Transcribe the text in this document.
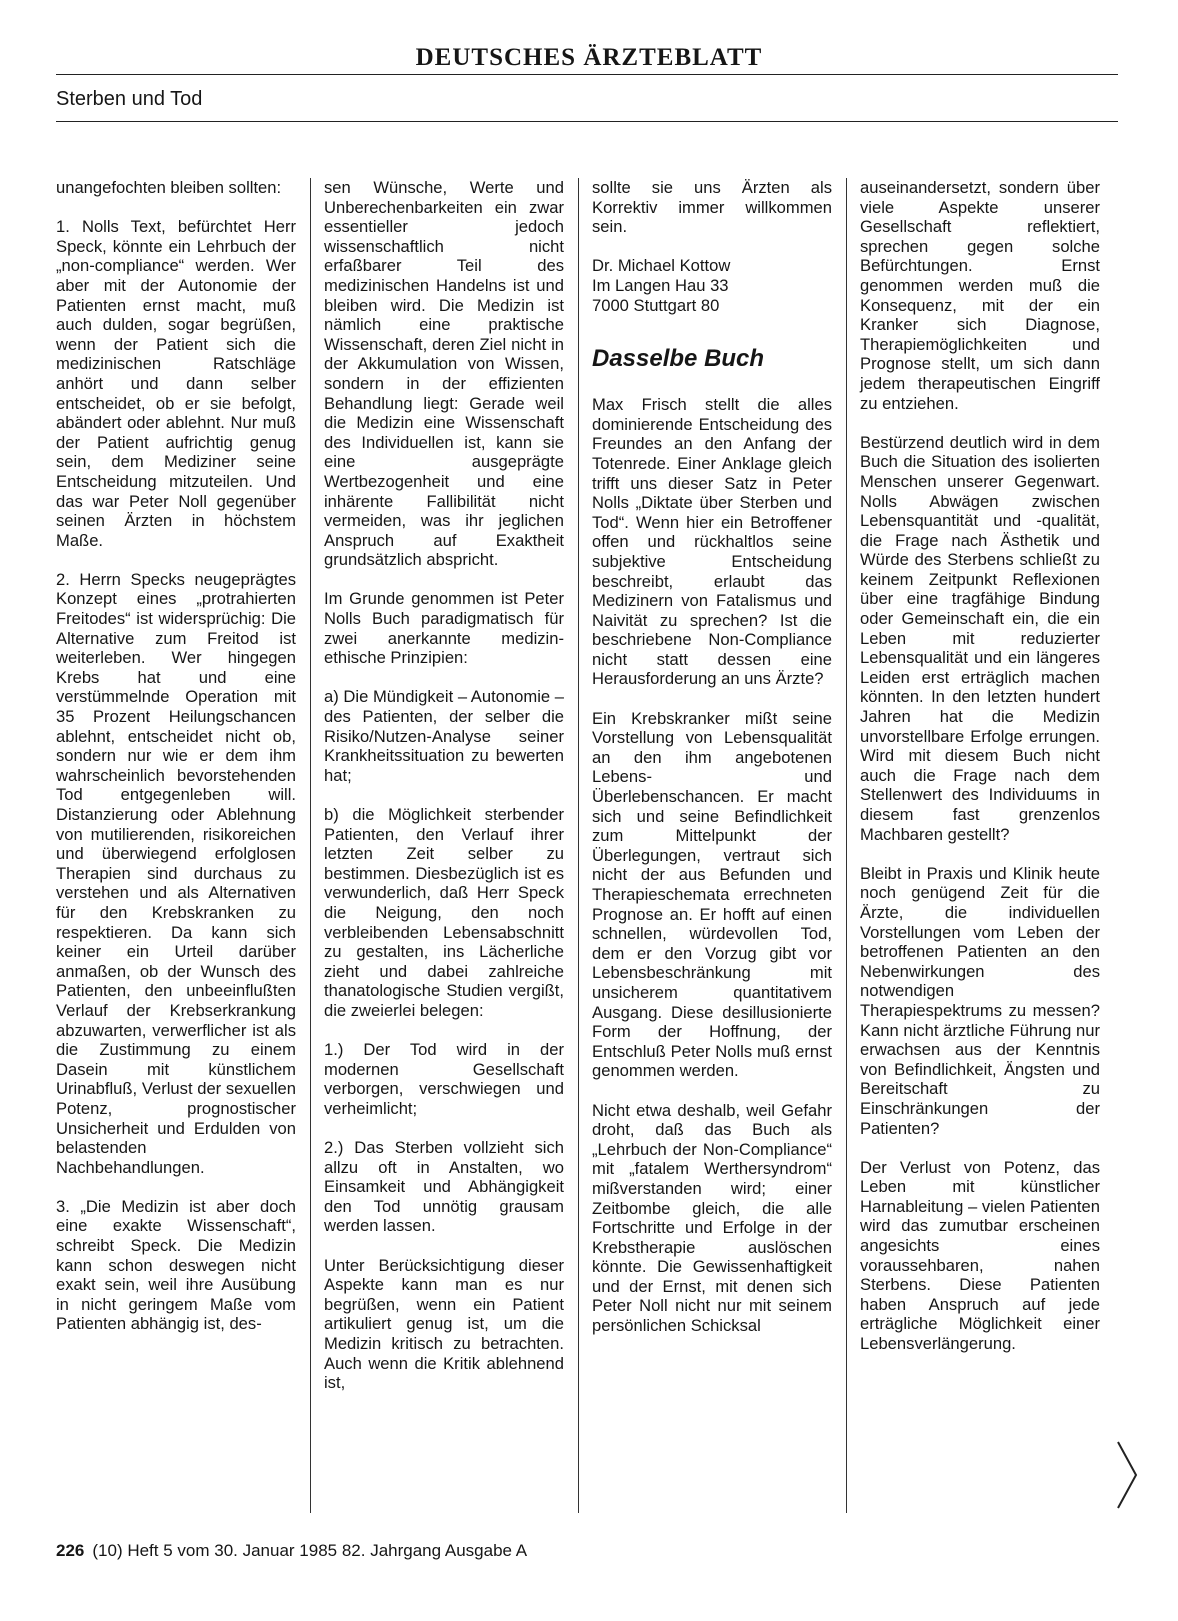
DEUTSCHES ÄRZTEBLATT
Sterben und Tod

unangefochten bleiben sollten:

1. Nolls Text, befürchtet Herr Speck, könnte ein Lehrbuch der „non-compliance“ werden. Wer aber mit der Autonomie der Patienten ernst macht, muß auch dulden, sogar begrüßen, wenn der Patient sich die medizinischen Ratschläge anhört und dann selber entscheidet, ob er sie befolgt, abändert oder ablehnt. Nur muß der Patient aufrichtig genug sein, dem Mediziner seine Entscheidung mitzuteilen. Und das war Peter Noll gegenüber seinen Ärzten in höchstem Maße.

2. Herrn Specks neugeprägtes Konzept eines „protrahierten Freitodes“ ist widersprüchig: Die Alternative zum Freitod ist weiterleben. Wer hingegen Krebs hat und eine verstümmelnde Operation mit 35 Prozent Heilungschancen ablehnt, entscheidet nicht ob, sondern nur wie er dem ihm wahrscheinlich bevorstehenden Tod entgegenleben will. Distanzierung oder Ablehnung von mutilierenden, risikoreichen und überwiegend erfolglosen Therapien sind durchaus zu verstehen und als Alternativen für den Krebskranken zu respektieren. Da kann sich keiner ein Urteil darüber anmaßen, ob der Wunsch des Patienten, den unbeeinflußten Verlauf der Krebserkrankung abzuwarten, verwerflicher ist als die Zustimmung zu einem Dasein mit künstlichem Urinabfluß, Verlust der sexuellen Potenz, prognostischer Unsicherheit und Erdulden von belastenden Nachbehandlungen.

3. „Die Medizin ist aber doch eine exakte Wissenschaft“, schreibt Speck. Die Medizin kann schon deswegen nicht exakt sein, weil ihre Ausübung in nicht geringem Maße vom Patienten abhängig ist, des-

sen Wünsche, Werte und Unberechenbarkeiten ein zwar essentieller jedoch wissenschaftlich nicht erfaßbarer Teil des medizinischen Handelns ist und bleiben wird. Die Medizin ist nämlich eine praktische Wissenschaft, deren Ziel nicht in der Akkumulation von Wissen, sondern in der effizienten Behandlung liegt: Gerade weil die Medizin eine Wissenschaft des Individuellen ist, kann sie eine ausgeprägte Wertbezogenheit und eine inhärente Fallibilität nicht vermeiden, was ihr jeglichen Anspruch auf Exaktheit grundsätzlich abspricht.

Im Grunde genommen ist Peter Nolls Buch paradigmatisch für zwei anerkannte medizin-ethische Prinzipien:

a) Die Mündigkeit – Autonomie – des Patienten, der selber die Risiko/Nutzen-Analyse seiner Krankheitssituation zu bewerten hat;

b) die Möglichkeit sterbender Patienten, den Verlauf ihrer letzten Zeit selber zu bestimmen. Diesbezüglich ist es verwunderlich, daß Herr Speck die Neigung, den noch verbleibenden Lebensabschnitt zu gestalten, ins Lächerliche zieht und dabei zahlreiche thanatologische Studien vergißt, die zweierlei belegen:

1.) Der Tod wird in der modernen Gesellschaft verborgen, verschwiegen und verheimlicht;

2.) Das Sterben vollzieht sich allzu oft in Anstalten, wo Einsamkeit und Abhängigkeit den Tod unnötig grausam werden lassen.

Unter Berücksichtigung dieser Aspekte kann man es nur begrüßen, wenn ein Patient artikuliert genug ist, um die Medizin kritisch zu betrachten. Auch wenn die Kritik ablehnend ist,

sollte sie uns Ärzten als Korrektiv immer willkommen sein.

Dr. Michael Kottow
Im Langen Hau 33
7000 Stuttgart 80

Dasselbe Buch

Max Frisch stellt die alles dominierende Entscheidung des Freundes an den Anfang der Totenrede. Einer Anklage gleich trifft uns dieser Satz in Peter Nolls „Diktate über Sterben und Tod“. Wenn hier ein Betroffener offen und rückhaltlos seine subjektive Entscheidung beschreibt, erlaubt das Medizinern von Fatalismus und Naivität zu sprechen? Ist die beschriebene Non-Compliance nicht statt dessen eine Herausforderung an uns Ärzte?

Ein Krebskranker mißt seine Vorstellung von Lebensqualität an den ihm angebotenen Lebens- und Überlebenschancen. Er macht sich und seine Befindlichkeit zum Mittelpunkt der Überlegungen, vertraut sich nicht der aus Befunden und Therapieschemata errechneten Prognose an. Er hofft auf einen schnellen, würdevollen Tod, dem er den Vorzug gibt vor Lebensbeschränkung mit unsicherem quantitativem Ausgang. Diese desillusionierte Form der Hoffnung, der Entschluß Peter Nolls muß ernst genommen werden.

Nicht etwa deshalb, weil Gefahr droht, daß das Buch als „Lehrbuch der Non-Compliance“ mit „fatalem Werthersyndrom“ mißverstanden wird; einer Zeitbombe gleich, die alle Fortschritte und Erfolge in der Krebstherapie auslöschen könnte. Die Gewissenhaftigkeit und der Ernst, mit denen sich Peter Noll nicht nur mit seinem persönlichen Schicksal

auseinandersetzt, sondern über viele Aspekte unserer Gesellschaft reflektiert, sprechen gegen solche Befürchtungen. Ernst genommen werden muß die Konsequenz, mit der ein Kranker sich Diagnose, Therapiemöglichkeiten und Prognose stellt, um sich dann jedem therapeutischen Eingriff zu entziehen.

Bestürzend deutlich wird in dem Buch die Situation des isolierten Menschen unserer Gegenwart. Nolls Abwägen zwischen Lebensquantität und -qualität, die Frage nach Ästhetik und Würde des Sterbens schließt zu keinem Zeitpunkt Reflexionen über eine tragfähige Bindung oder Gemeinschaft ein, die ein Leben mit reduzierter Lebensqualität und ein längeres Leiden erst erträglich machen könnten. In den letzten hundert Jahren hat die Medizin unvorstellbare Erfolge errungen. Wird mit diesem Buch nicht auch die Frage nach dem Stellenwert des Individuums in diesem fast grenzenlos Machbaren gestellt?

Bleibt in Praxis und Klinik heute noch genügend Zeit für die Ärzte, die individuellen Vorstellungen vom Leben der betroffenen Patienten an den Nebenwirkungen des notwendigen Therapiespektrums zu messen? Kann nicht ärztliche Führung nur erwachsen aus der Kenntnis von Befindlichkeit, Ängsten und Bereitschaft zu Einschränkungen der Patienten?

Der Verlust von Potenz, das Leben mit künstlicher Harnableitung – vielen Patienten wird das zumutbar erscheinen angesichts eines voraussehbaren, nahen Sterbens. Diese Patienten haben Anspruch auf jede erträgliche Möglichkeit einer Lebensverlängerung.

226 (10) Heft 5 vom 30. Januar 1985 82. Jahrgang Ausgabe A
